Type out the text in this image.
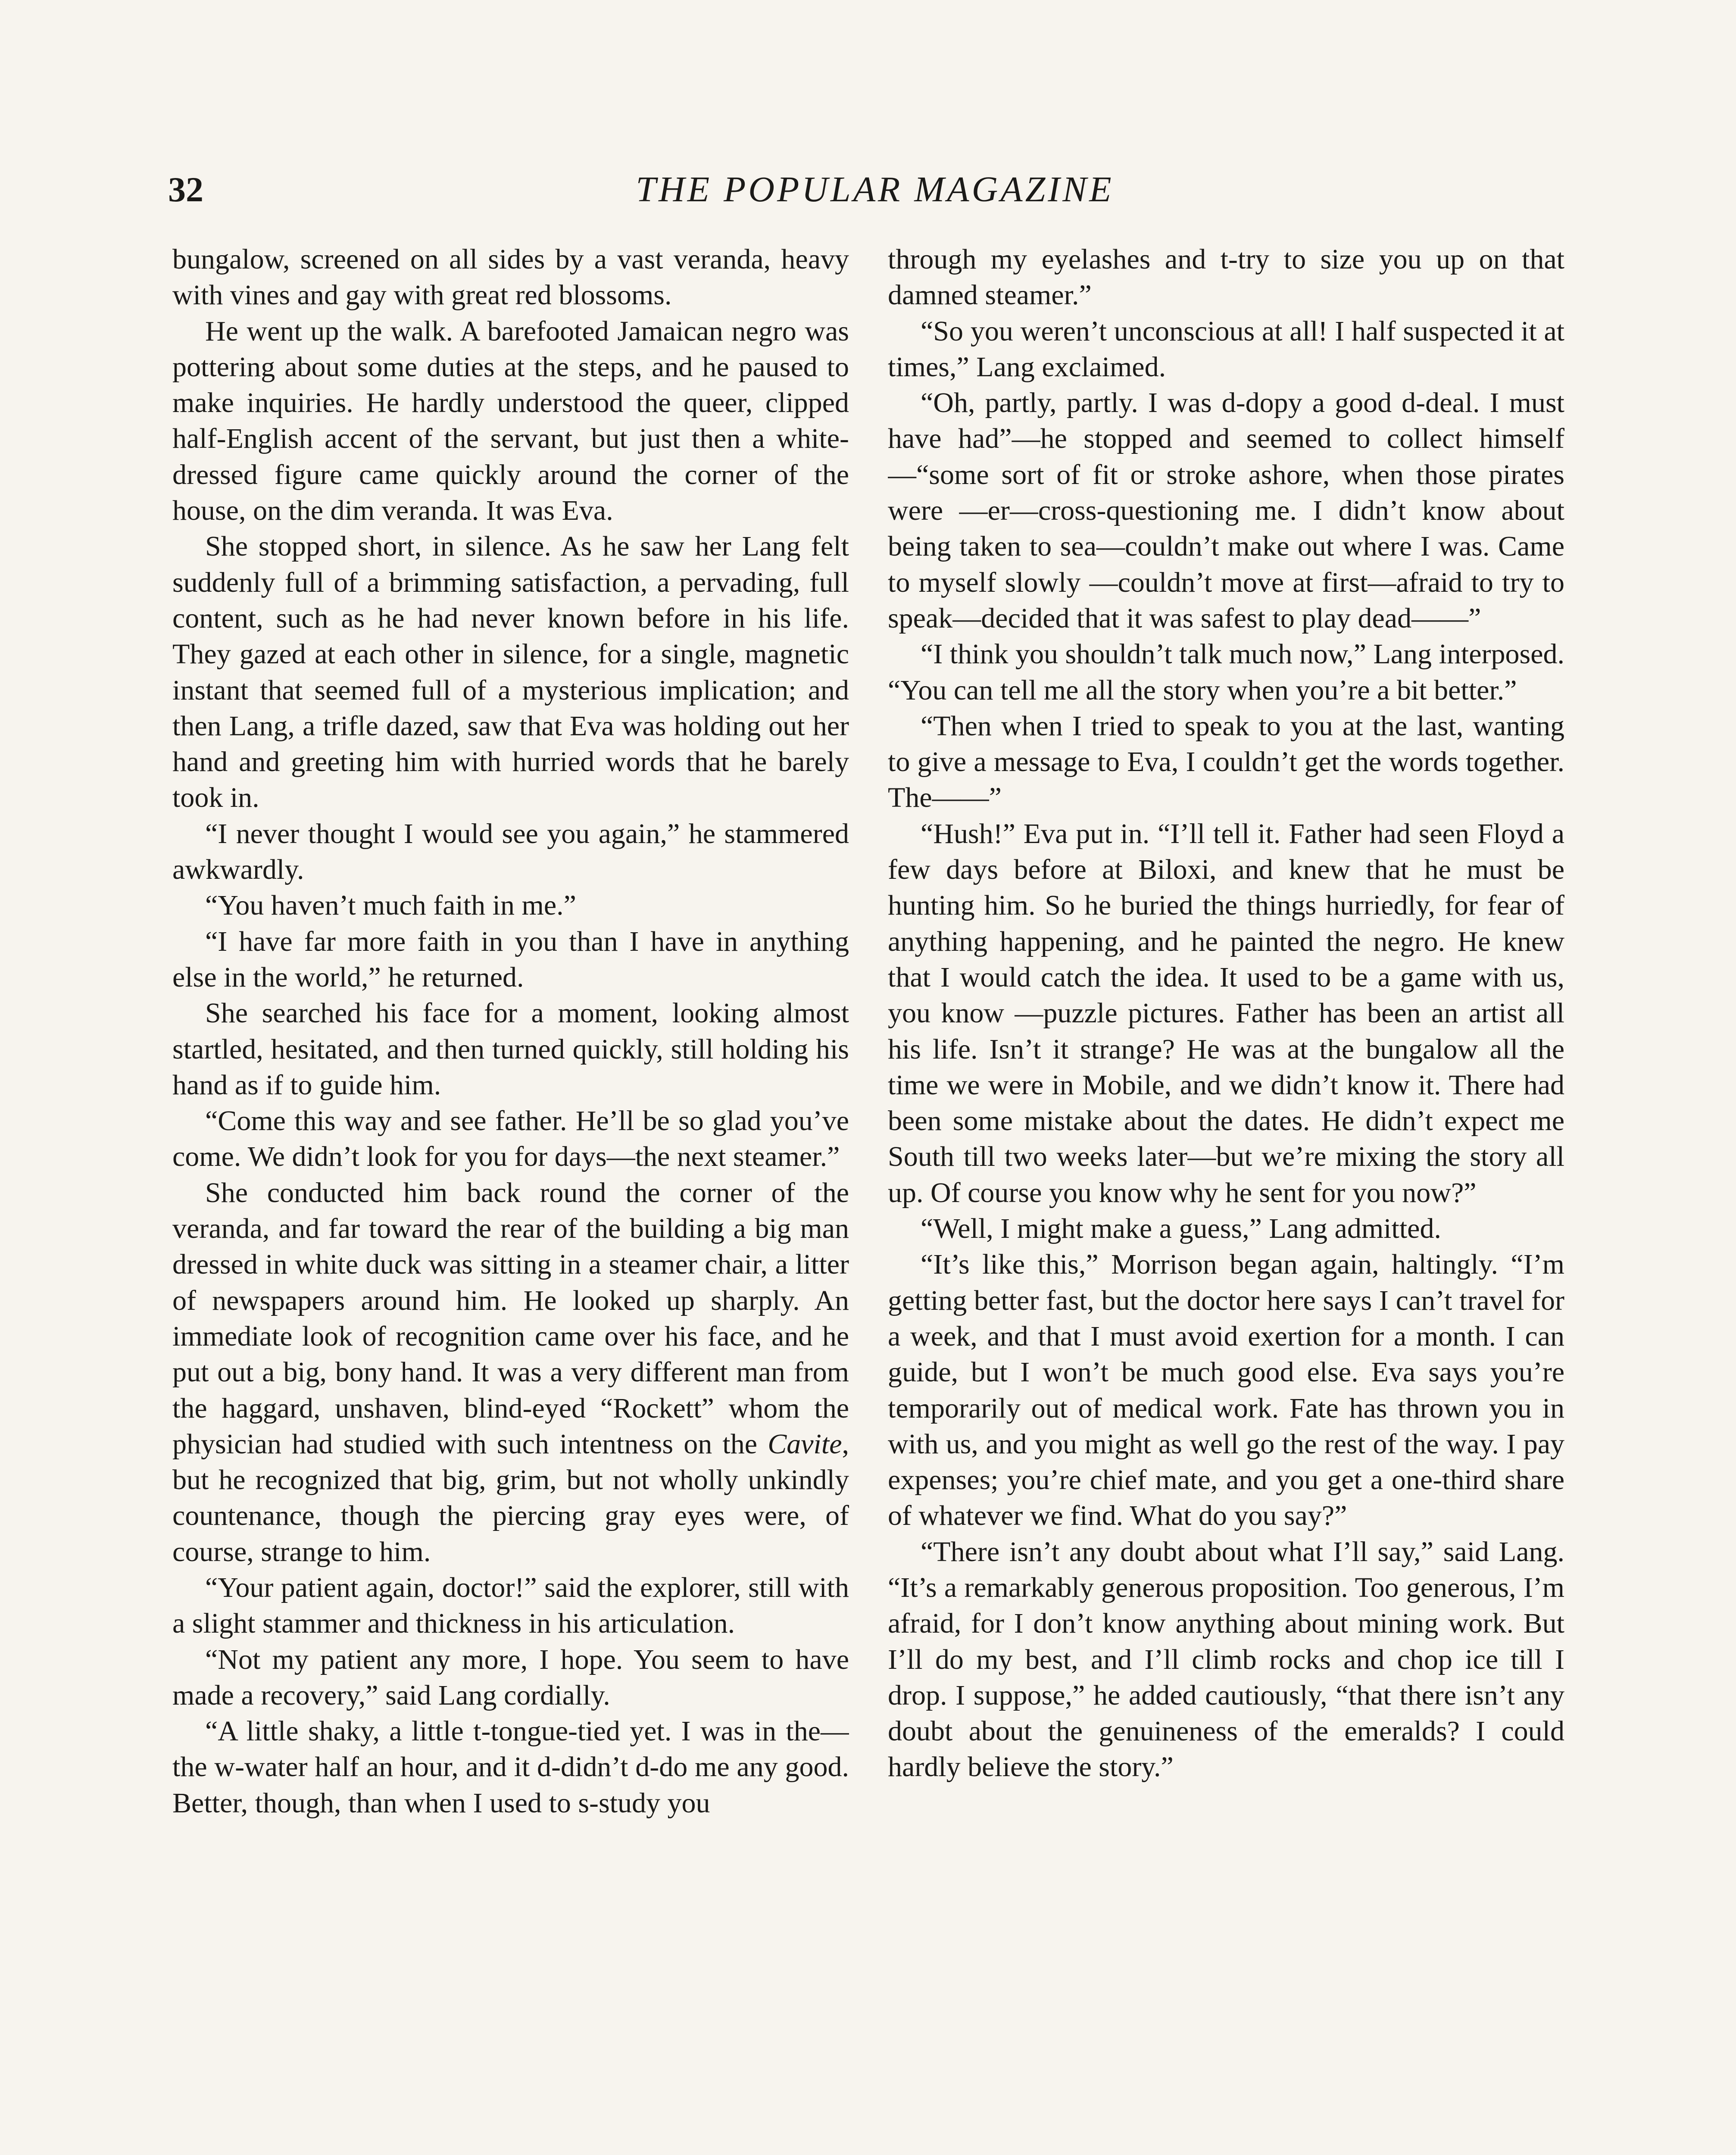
32	THE POPULAR MAGAZINE

bungalow, screened on all sides by a vast veranda, heavy with vines and gay with great red blossoms.

He went up the walk. A barefooted Jamaican negro was pottering about some duties at the steps, and he paused to make inquiries. He hardly understood the queer, clipped half-English accent of the servant, but just then a white-dressed figure came quickly around the corner of the house, on the dim veranda. It was Eva.

She stopped short, in silence. As he saw her Lang felt suddenly full of a brimming satisfaction, a pervading, full content, such as he had never known before in his life. They gazed at each other in silence, for a single, magnetic instant that seemed full of a mysterious implication; and then Lang, a trifle dazed, saw that Eva was holding out her hand and greeting him with hurried words that he barely took in.

“I never thought I would see you again,” he stammered awkwardly.

“You haven’t much faith in me.”

“I have far more faith in you than I have in anything else in the world,” he returned.

She searched his face for a moment, looking almost startled, hesitated, and then turned quickly, still holding his hand as if to guide him.

“Come this way and see father. He’ll be so glad you’ve come. We didn’t look for you for days—the next steamer.”

She conducted him back round the corner of the veranda, and far toward the rear of the building a big man dressed in white duck was sitting in a steamer chair, a litter of newspapers around him. He looked up sharply. An immediate look of recognition came over his face, and he put out a big, bony hand. It was a very different man from the haggard, unshaven, blind-eyed “Rockett” whom the physician had studied with such intentness on the Cavite, but he recognized that big, grim, but not wholly unkindly countenance, though the piercing gray eyes were, of course, strange to him.

“Your patient again, doctor!” said the explorer, still with a slight stammer and thickness in his articulation.

“Not my patient any more, I hope. You seem to have made a recovery,” said Lang cordially.

“A little shaky, a little t-tongue-tied yet. I was in the—the w-water half an hour, and it d-didn’t d-do me any good. Better, though, than when I used to s-study you

through my eyelashes and t-try to size you up on that damned steamer.”

“So you weren’t unconscious at all! I half suspected it at times,” Lang exclaimed.

“Oh, partly, partly. I was d-dopy a good d-deal. I must have had”—he stopped and seemed to collect himself—“some sort of fit or stroke ashore, when those pirates were —er—cross-questioning me. I didn’t know about being taken to sea—couldn’t make out where I was. Came to myself slowly —couldn’t move at first—afraid to try to speak—decided that it was safest to play dead——”

“I think you shouldn’t talk much now,” Lang interposed. “You can tell me all the story when you’re a bit better.”

“Then when I tried to speak to you at the last, wanting to give a message to Eva, I couldn’t get the words together. The——”

“Hush!” Eva put in. “I’ll tell it. Father had seen Floyd a few days before at Biloxi, and knew that he must be hunting him. So he buried the things hurriedly, for fear of anything happening, and he painted the negro. He knew that I would catch the idea. It used to be a game with us, you know —puzzle pictures. Father has been an artist all his life. Isn’t it strange? He was at the bungalow all the time we were in Mobile, and we didn’t know it. There had been some mistake about the dates. He didn’t expect me South till two weeks later—but we’re mixing the story all up. Of course you know why he sent for you now?”

“Well, I might make a guess,” Lang admitted.

“It’s like this,” Morrison began again, haltingly. “I’m getting better fast, but the doctor here says I can’t travel for a week, and that I must avoid exertion for a month. I can guide, but I won’t be much good else. Eva says you’re temporarily out of medical work. Fate has thrown you in with us, and you might as well go the rest of the way. I pay expenses; you’re chief mate, and you get a one-third share of whatever we find. What do you say?”

“There isn’t any doubt about what I’ll say,” said Lang. “It’s a remarkably generous proposition. Too generous, I’m afraid, for I don’t know anything about mining work. But I’ll do my best, and I’ll climb rocks and chop ice till I drop. I suppose,” he added cautiously, “that there isn’t any doubt about the genuineness of the emeralds? I could hardly believe the story.”
